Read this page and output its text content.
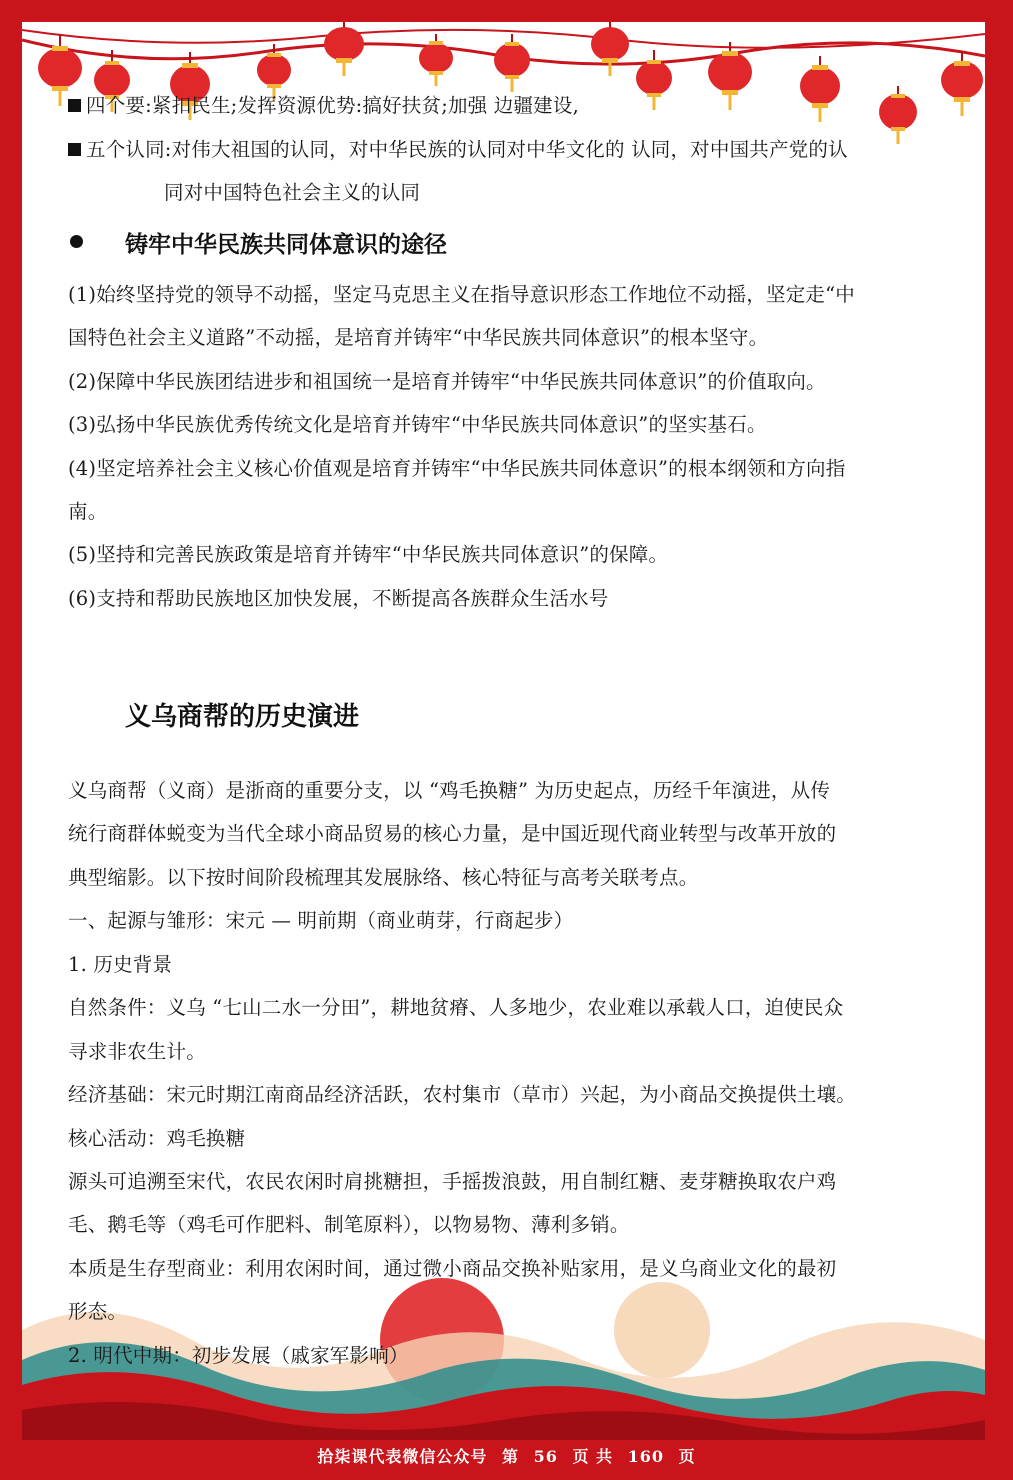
四个要:紧扣民生;发挥资源优势:搞好扶贫;加强 边疆建设,
五个认同:对伟大祖国的认同，对中华民族的认同对中华文化的 认同，对中国共产党的认
同对中国特色社会主义的认同
铸牢中华民族共同体意识的途径
(1)始终坚持党的领导不动摇，坚定马克思主义在指导意识形态工作地位不动摇，坚定走“中
国特色社会主义道路”不动摇，是培育并铸牢“中华民族共同体意识”的根本坚守。
(2)保障中华民族团结进步和祖国统一是培育并铸牢“中华民族共同体意识”的价值取向。
(3)弘扬中华民族优秀传统文化是培育并铸牢“中华民族共同体意识”的坚实基石。
(4)坚定培养社会主义核心价值观是培育并铸牢“中华民族共同体意识”的根本纲领和方向指
南。
(5)坚持和完善民族政策是培育并铸牢“中华民族共同体意识”的保障。
(6)支持和帮助民族地区加快发展，不断提高各族群众生活水号
义乌商帮的历史演进
义乌商帮（义商）是浙商的重要分支，以 “鸡毛换糖” 为历史起点，历经千年演进，从传
统行商群体蜕变为当代全球小商品贸易的核心力量，是中国近现代商业转型与改革开放的
典型缩影。以下按时间阶段梳理其发展脉络、核心特征与高考关联考点。
一、起源与雏形：宋元 — 明前期（商业萌芽，行商起步）
1. 历史背景
自然条件：义乌 “七山二水一分田”，耕地贫瘠、人多地少，农业难以承载人口，迫使民众
寻求非农生计。
经济基础：宋元时期江南商品经济活跃，农村集市（草市）兴起，为小商品交换提供土壤。
核心活动：鸡毛换糖
源头可追溯至宋代，农民农闲时肩挑糖担，手摇拨浪鼓，用自制红糖、麦芽糖换取农户鸡
毛、鹅毛等（鸡毛可作肥料、制笔原料），以物易物、薄利多销。
本质是生存型商业：利用农闲时间，通过微小商品交换补贴家用，是义乌商业文化的最初
形态。
2. 明代中期：初步发展（戚家军影响）
拾柒课代表微信公众号 第 56 页 共 160 页
